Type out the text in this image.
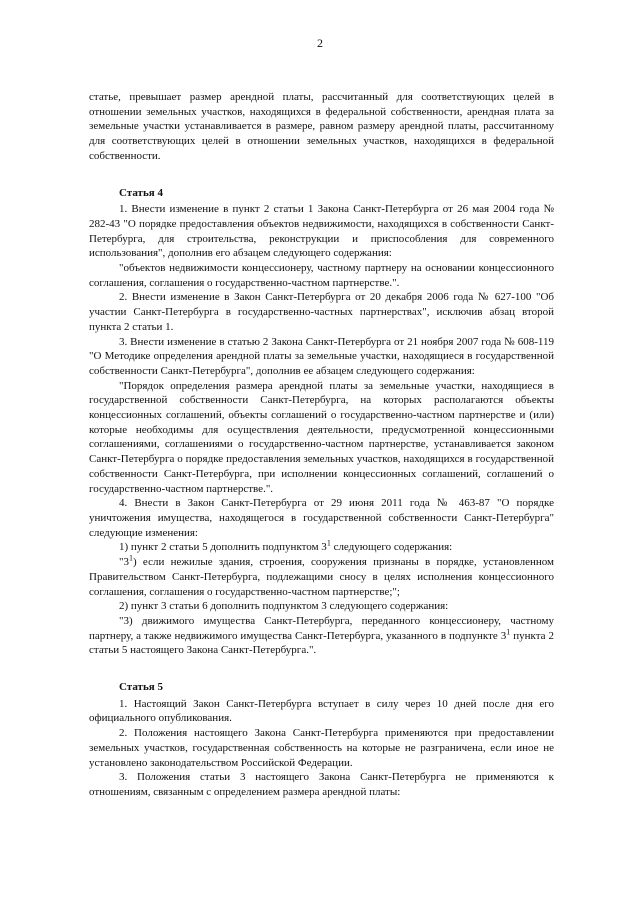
2

статье, превышает размер арендной платы, рассчитанный для соответствующих целей в отношении земельных участков, находящихся в федеральной собственности, арендная плата за земельные участки устанавливается в размере, равном размеру арендной платы, рассчитанному для соответствующих целей в отношении земельных участков, находящихся в федеральной собственности.

Статья 4

1. Внести изменение в пункт 2 статьи 1 Закона Санкт-Петербурга от 26 мая 2004 года № 282-43 "О порядке предоставления объектов недвижимости, находящихся в собственности Санкт-Петербурга, для строительства, реконструкции и приспособления для современного использования", дополнив его абзацем следующего содержания:

"объектов недвижимости концессионеру, частному партнеру на основании концессионного соглашения, соглашения о государственно-частном партнерстве.".

2. Внести изменение в Закон Санкт-Петербурга от 20 декабря 2006 года № 627-100 "Об участии Санкт-Петербурга в государственно-частных партнерствах", исключив абзац второй пункта 2 статьи 1.

3. Внести изменение в статью 2 Закона Санкт-Петербурга от 21 ноября 2007 года № 608-119 "О Методике определения арендной платы за земельные участки, находящиеся в государственной собственности Санкт-Петербурга", дополнив ее абзацем следующего содержания:

"Порядок определения размера арендной платы за земельные участки, находящиеся в государственной собственности Санкт-Петербурга, на которых располагаются объекты концессионных соглашений, объекты соглашений о государственно-частном партнерстве и (или) которые необходимы для осуществления деятельности, предусмотренной концессионными соглашениями, соглашениями о государственно-частном партнерстве, устанавливается законом Санкт-Петербурга о порядке предоставления земельных участков, находящихся в государственной собственности Санкт-Петербурга, при исполнении концессионных соглашений, соглашений о государственно-частном партнерстве.".

4. Внести в Закон Санкт-Петербурга от 29 июня 2011 года № 463-87 "О порядке уничтожения имущества, находящегося в государственной собственности Санкт-Петербурга" следующие изменения:

1) пункт 2 статьи 5 дополнить подпунктом $3^1$ следующего содержания:

"$3^1$) если нежилые здания, строения, сооружения признаны в порядке, установленном Правительством Санкт-Петербурга, подлежащими сносу в целях исполнения концессионного соглашения, соглашения о государственно-частном партнерстве;";

2) пункт 3 статьи 6 дополнить подпунктом 3 следующего содержания:

"3) движимого имущества Санкт-Петербурга, переданного концессионеру, частному партнеру, а также недвижимого имущества Санкт-Петербурга, указанного в подпункте $3^1$ пункта 2 статьи 5 настоящего Закона Санкт-Петербурга.".

Статья 5

1. Настоящий Закон Санкт-Петербурга вступает в силу через 10 дней после дня его официального опубликования.

2. Положения настоящего Закона Санкт-Петербурга применяются при предоставлении земельных участков, государственная собственность на которые не разграничена, если иное не установлено законодательством Российской Федерации.

3. Положения статьи 3 настоящего Закона Санкт-Петербурга не применяются к отношениям, связанным с определением размера арендной платы:
